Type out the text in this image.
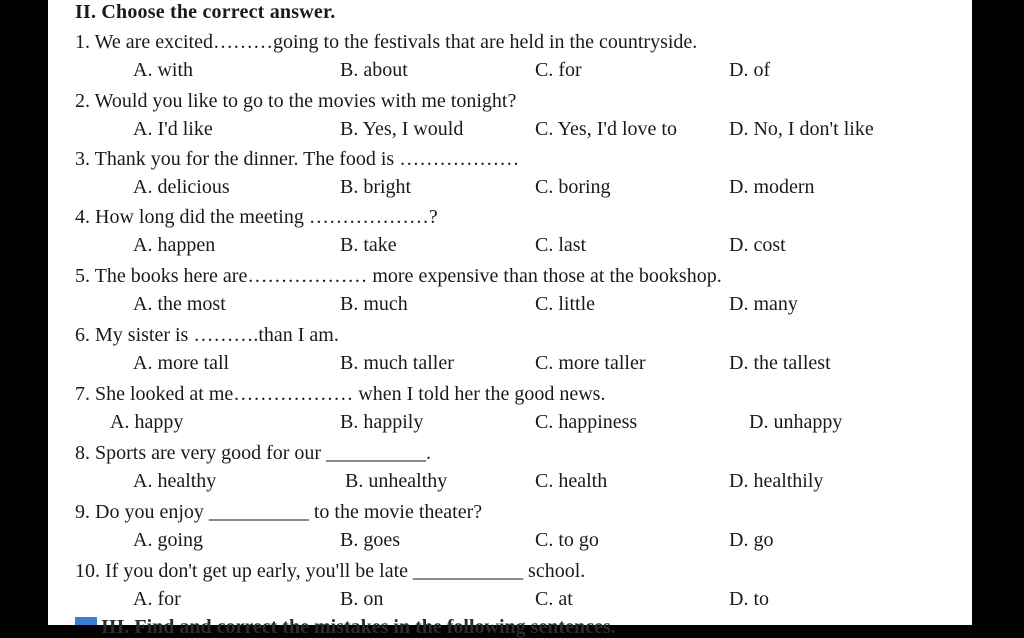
II. Choose the correct answer.
1. We are excited………going to the festivals that are held in the countryside.
A. with	B. about	C. for	D. of
2. Would you like to go to the movies with me tonight?
A. I'd like	B. Yes, I would	C. Yes, I'd love to	D. No, I don't like
3. Thank you for the dinner. The food is ………………
A. delicious	B. bright	C. boring	D. modern
4. How long did the meeting ………………?
A. happen	B. take	C. last	D. cost
5. The books here are……………… more expensive than those at the bookshop.
A. the most	B. much	C. little	D. many
6. My sister is ……….than I am.
A. more tall	B. much taller	C. more taller	D. the tallest
7. She looked at me……………… when I told her the good news.
A. happy	B. happily	C. happiness	D. unhappy
8. Sports are very good for our __________.
A. healthy	B. unhealthy	C. health	D. healthily
9. Do you enjoy __________ to the movie theater?
A. going	B. goes	C. to go	D. go
10. If you don't get up early, you'll be late ___________ school.
A. for	B. on	C. at	D. to
III. Find and correct the mistakes in the following sentences.
